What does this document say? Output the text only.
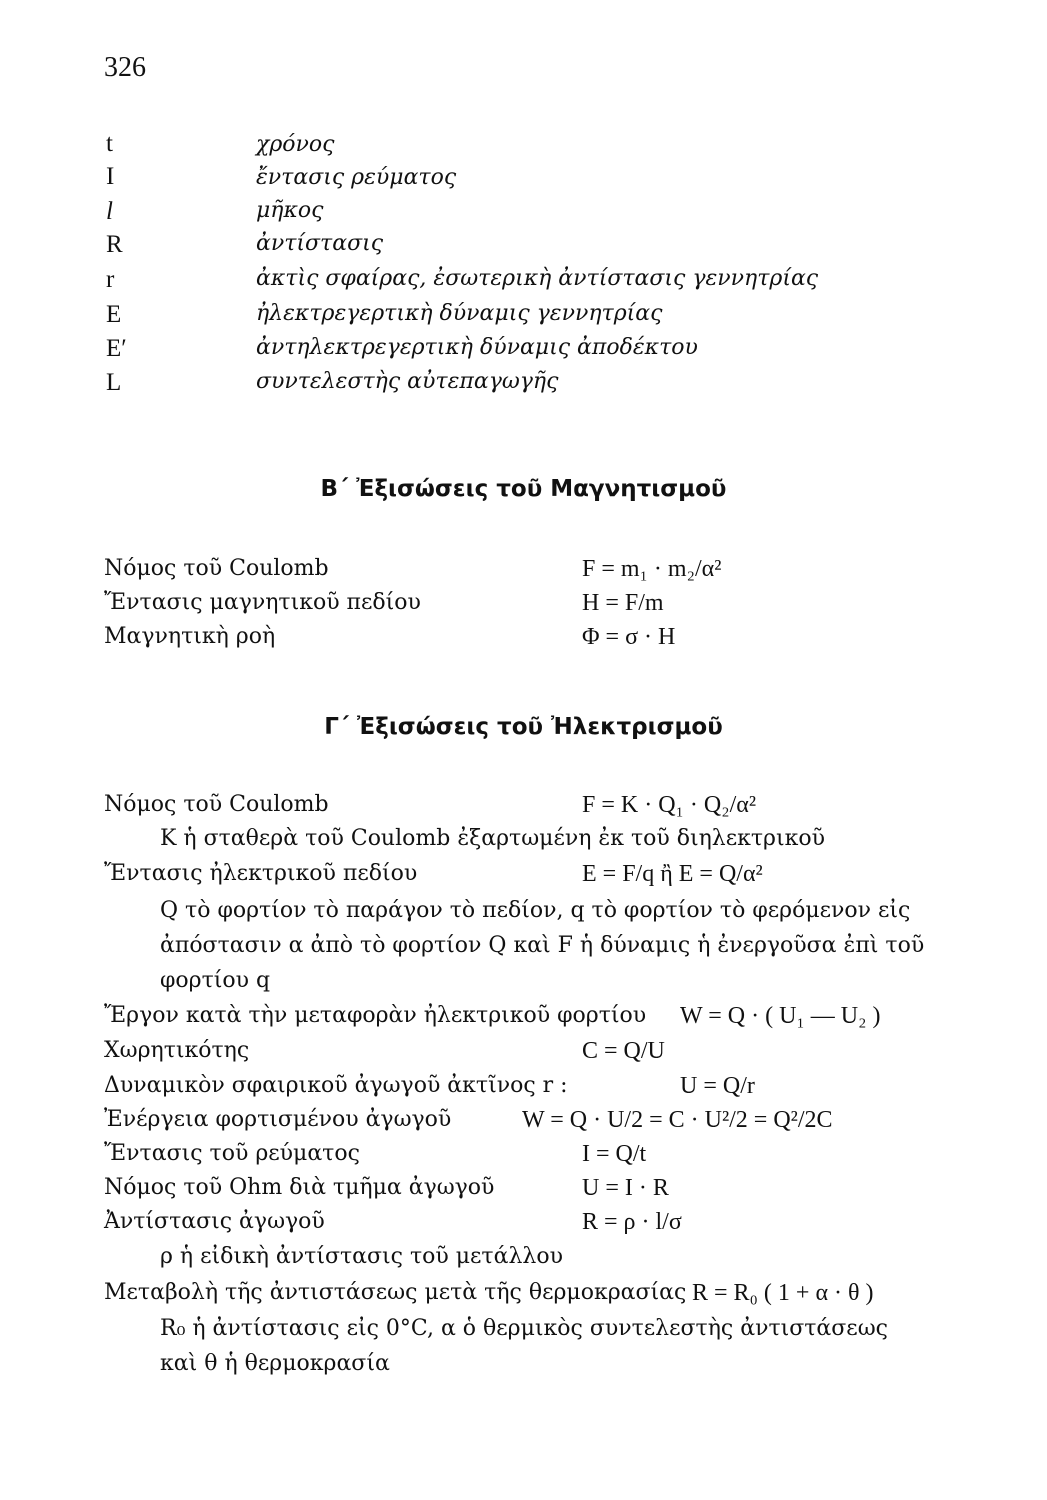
326
t	χρόνος
I	ἔντασις ρεύματος
l	μῆκος
R	ἀντίστασις
r	ἀκτὶς σφαίρας, ἐσωτερικὴ ἀντίστασις γεννητρίας
E	ἠλεκτρεγερτικὴ δύναμις γεννητρίας
E′	ἀντηλεκτρεγερτικὴ δύναμις ἀποδέκτου
L	συντελεστὴς αὐτεπαγωγῆς
Β΄ Ἐξισώσεις τοῦ Μαγνητισμοῦ
Νόμος τοῦ Coulomb	F = m₁ · m₂/α²
Ἔντασις μαγνητικοῦ πεδίου	H = F/m
Μαγνητικὴ ροὴ	Φ = σ · H
Γ΄ Ἐξισώσεις τοῦ Ἠλεκτρισμοῦ
Νόμος τοῦ Coulomb	F = K · Q₁ · Q₂/α²
K ἡ σταθερὰ τοῦ Coulomb ἐξαρτωμένη ἐκ τοῦ διηλεκτρικοῦ
Ἔντασις ἠλεκτρικοῦ πεδίου	E = F/q ἢ E = Q/α²
Q τὸ φορτίον τὸ παράγον τὸ πεδίον, q τὸ φορτίον τὸ φερόμενον εἰς
ἀπόστασιν α ἀπὸ τὸ φορτίον Q καὶ F ἡ δύναμις ἡ ἐνεργοῦσα ἐπὶ τοῦ
φορτίου q
Ἔργον κατὰ τὴν μεταφορὰν ἠλεκτρικοῦ φορτίου W = Q · ( U₁ — U₂ )
Χωρητικότης	C = Q/U
Δυναμικὸν σφαιρικοῦ ἀγωγοῦ ἀκτῖνος r :	U = Q/r
Ἐνέργεια φορτισμένου ἀγωγοῦ	W = Q · U/2 = C · U²/2 = Q²/2C
Ἔντασις τοῦ ρεύματος	I = Q/t
Νόμος τοῦ Ohm διὰ τμῆμα ἀγωγοῦ	U = I · R
Ἀντίστασις ἀγωγοῦ	R = ρ · l/σ
ρ ἡ εἰδικὴ ἀντίστασις τοῦ μετάλλου
Μεταβολὴ τῆς ἀντιστάσεως μετὰ τῆς θερμοκρασίας R = R₀ ( 1 + α · θ )
R₀ ἡ ἀντίστασις εἰς 0°C, α ὁ θερμικὸς συντελεστὴς ἀντιστάσεως
καὶ θ ἡ θερμοκρασία
